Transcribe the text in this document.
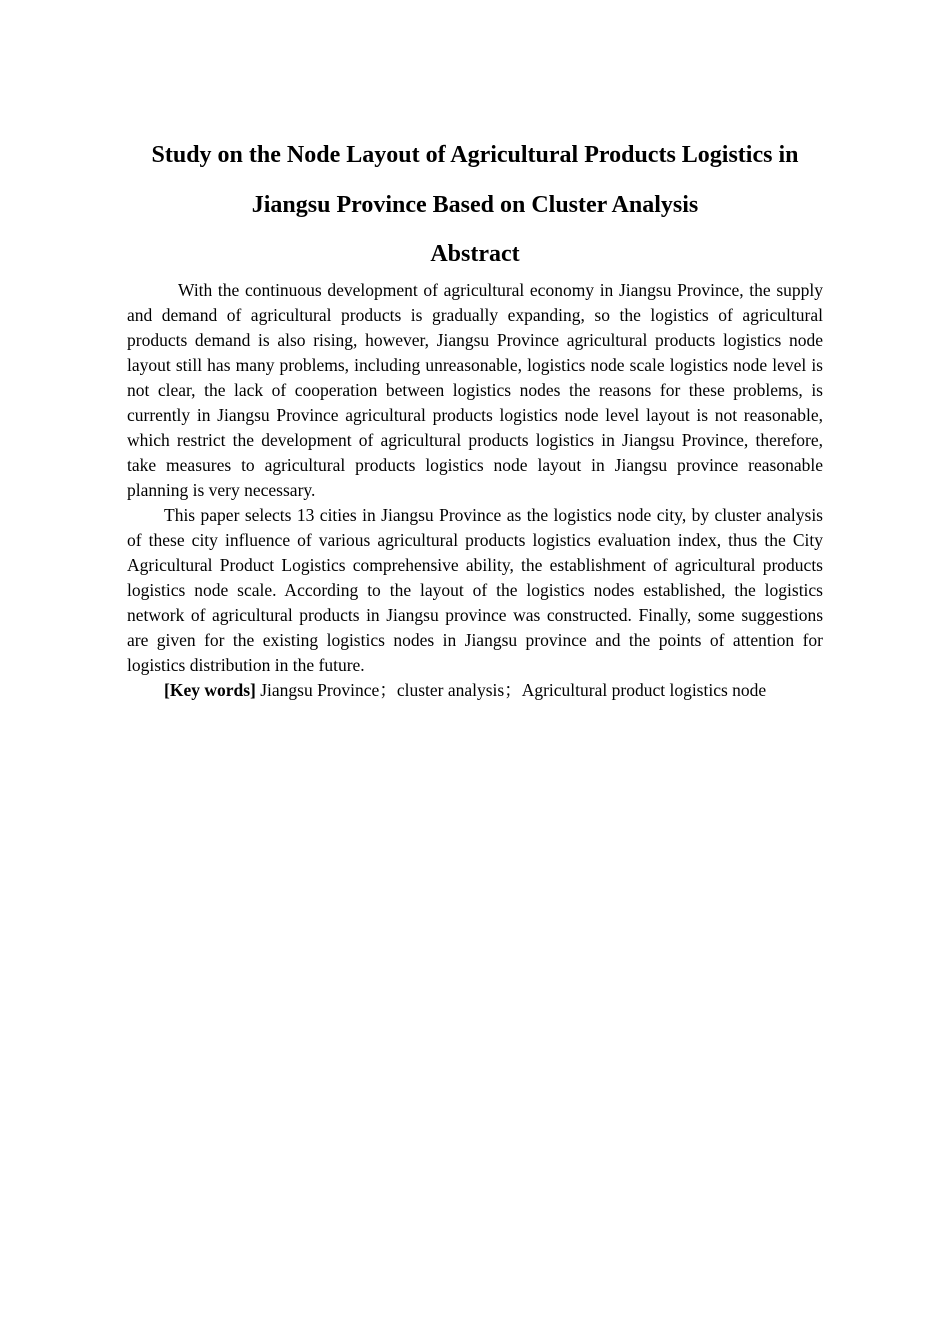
Study on the Node Layout of Agricultural Products Logistics in
Jiangsu Province Based on Cluster Analysis
Abstract

With the continuous development of agricultural economy in Jiangsu Province, the supply and demand of agricultural products is gradually expanding, so the logistics of agricultural products demand is also rising, however, Jiangsu Province agricultural products logistics node layout still has many problems, including unreasonable, logistics node scale logistics node level is not clear, the lack of cooperation between logistics nodes the reasons for these problems, is currently in Jiangsu Province agricultural products logistics node level layout is not reasonable, which restrict the development of agricultural products logistics in Jiangsu Province, therefore, take measures to agricultural products logistics node layout in Jiangsu province reasonable planning is very necessary.

This paper selects 13 cities in Jiangsu Province as the logistics node city, by cluster analysis of these city influence of various agricultural products logistics evaluation index, thus the City Agricultural Product Logistics comprehensive ability, the establishment of agricultural products logistics node scale. According to the layout of the logistics nodes established, the logistics network of agricultural products in Jiangsu province was constructed. Finally, some suggestions are given for the existing logistics nodes in Jiangsu province and the points of attention for logistics distribution in the future.

[Key words] Jiangsu Province；cluster analysis；Agricultural product logistics node
